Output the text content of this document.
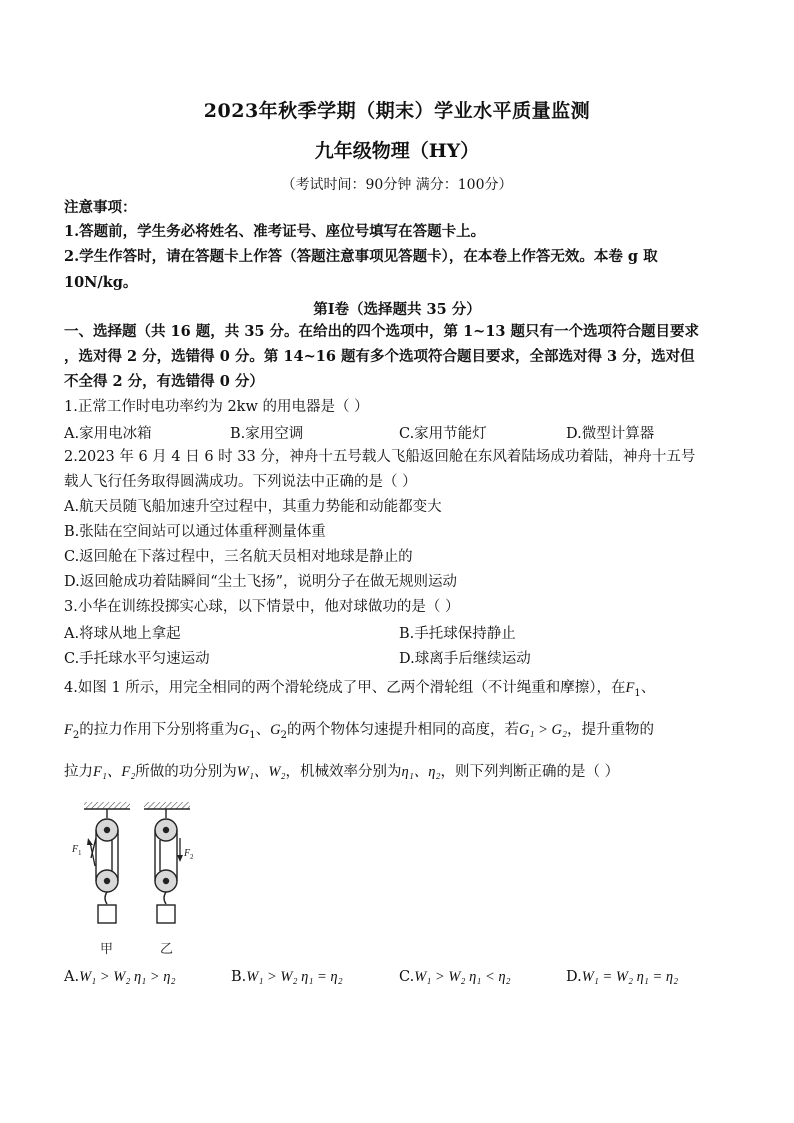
2023年秋季学期（期末）学业水平质量监测
九年级物理（HY）
（考试时间：90分钟 满分：100分）
注意事项：
1.答题前，学生务必将姓名、准考证号、座位号填写在答题卡上。
2.学生作答时，请在答题卡上作答（答题注意事项见答题卡），在本卷上作答无效。本卷 g 取
10N/kg。
第Ⅰ卷（选择题共 35 分）
一、选择题（共 16 题，共 35 分。在给出的四个选项中，第 1~13 题只有一个选项符合题目要求
，选对得 2 分，选错得 0 分。第 14~16 题有多个选项符合题目要求，全部选对得 3 分，选对但
不全得 2 分，有选错得 0 分）
1.正常工作时电功率约为 2kw 的用电器是（ ）
A.家用电冰箱	B.家用空调	C.家用节能灯	D.微型计算器
2.2023 年 6 月 4 日 6 时 33 分，神舟十五号载人飞船返回舱在东风着陆场成功着陆，神舟十五号
载人飞行任务取得圆满成功。下列说法中正确的是（ ）
A.航天员随飞船加速升空过程中，其重力势能和动能都变大
B.张陆在空间站可以通过体重秤测量体重
C.返回舱在下落过程中，三名航天员相对地球是静止的
D.返回舱成功着陆瞬间“尘土飞扬”，说明分子在做无规则运动
3.小华在训练投掷实心球，以下情景中，他对球做功的是（ ）
A.将球从地上拿起	B.手托球保持静止
C.手托球水平匀速运动	D.球离手后继续运动
4.如图 1 所示，用完全相同的两个滑轮绕成了甲、乙两个滑轮组（不计绳重和摩擦），在$F_1$、
$F_2$的拉力作用下分别将重为$G_1$、$G_2$的两个物体匀速提升相同的高度，若G₁ > G₂，提升重物的
拉力F₁、F₂所做的功分别为W₁、W₂，机械效率分别为η₁、η₂，则下列判断正确的是（ ）
F 1	F 2
甲	乙
A.W₁ > W₂ η₁ > η₂	B.W₁ > W₂ η₁ = η₂	C.W₁ > W₂ η₁ < η₂	D.W₁ = W₂ η₁ = η₂
